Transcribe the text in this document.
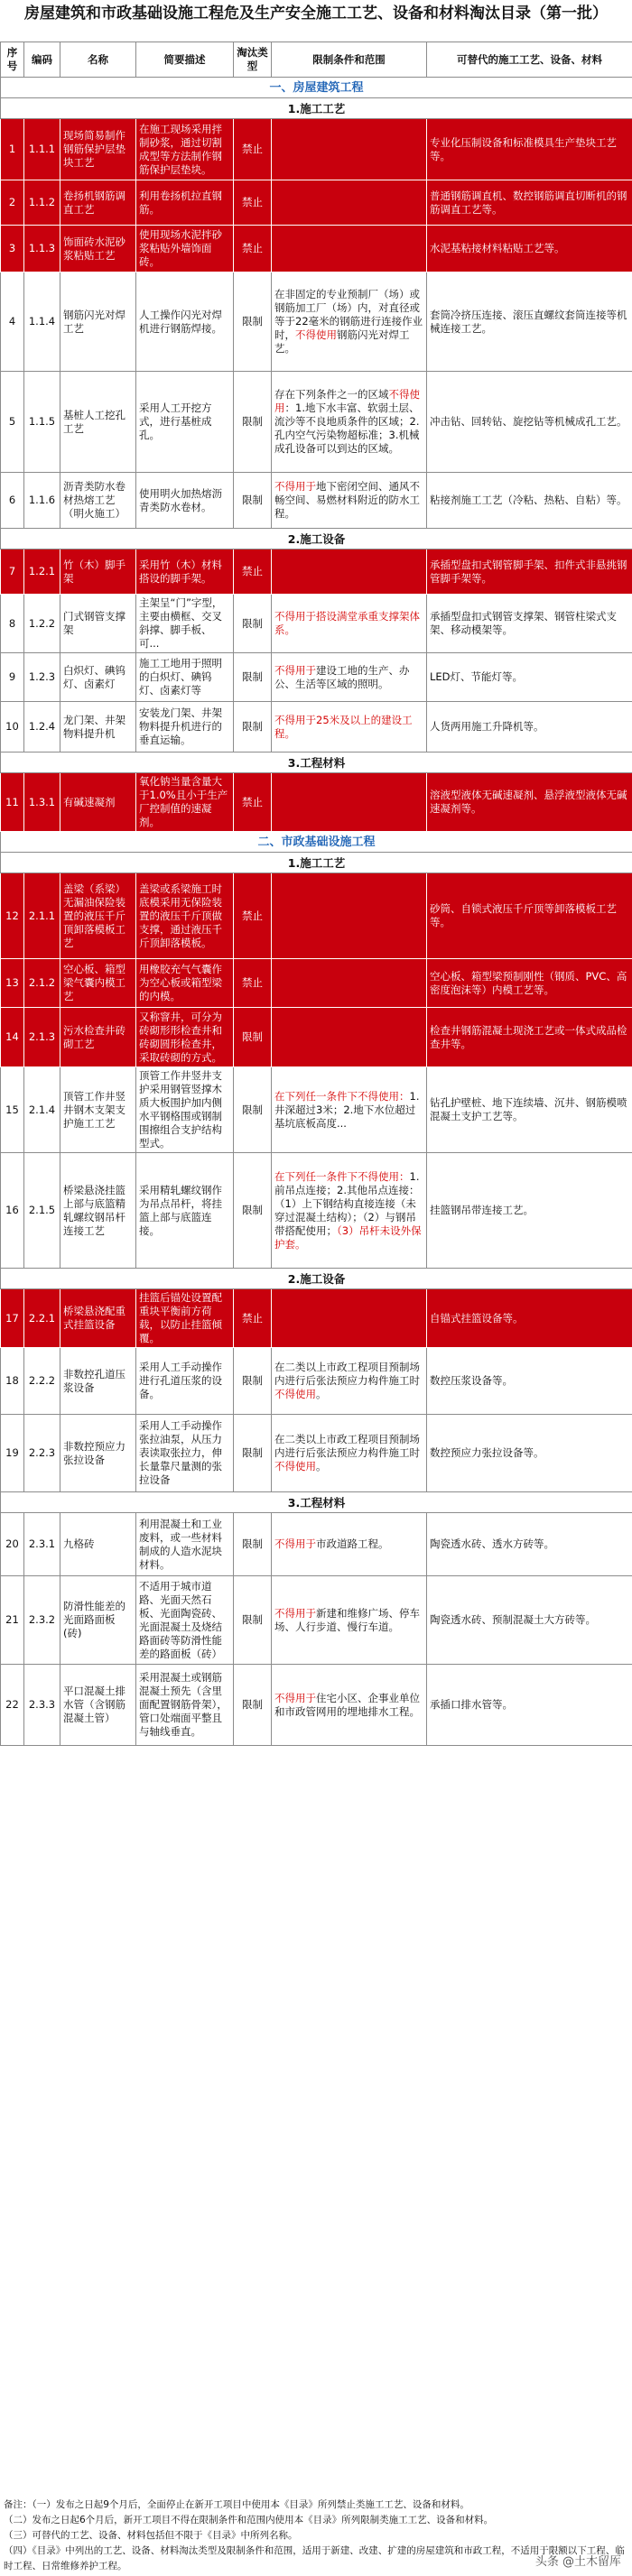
房屋建筑和市政基础设施工程危及生产安全施工工艺、设备和材料淘汰目录（第一批）
序号	编码	名称	简要描述	淘汰类型	限制条件和范围	可替代的施工工艺、设备、材料
一、房屋建筑工程						
1.施工工艺						
1	1.1.1	现场简易制作钢筋保护层垫块工艺	在施工现场采用拌制砂浆，通过切割成型等方法制作钢筋保护层垫块。	禁止		专业化压制设备和标准模具生产垫块工艺等。
2	1.1.2	卷扬机钢筋调直工艺	利用卷扬机拉直钢筋。	禁止		普通钢筋调直机、数控钢筋调直切断机的钢筋调直工艺等。
3	1.1.3	饰面砖水泥砂浆粘贴工艺	使用现场水泥拌砂浆粘贴外墙饰面砖。	禁止		水泥基粘接材料粘贴工艺等。
4	1.1.4	钢筋闪光对焊工艺	人工操作闪光对焊机进行钢筋焊接。	限制	在非固定的专业预制厂（场）或钢筋加工厂（场）内，对直径或等于22毫米的钢筋进行连接作业时，不得使用钢筋闪光对焊工艺。	套筒冷挤压连接、滚压直螺纹套筒连接等机械连接工艺。
5	1.1.5	基桩人工挖孔工艺	采用人工开挖方式，进行基桩成孔。	限制	存在下列条件之一的区域不得使用：1.地下水丰富、软弱土层、流沙等不良地质条件的区域；2.孔内空气污染物超标准；3.机械成孔设备可以到达的区域。	冲击钻、回转钻、旋挖钻等机械成孔工艺。
6	1.1.6	沥青类防水卷材热熔工艺（明火施工）	使用明火加热熔沥青类防水卷材。	限制	不得用于地下密闭空间、通风不畅空间、易燃材料附近的防水工程。	粘接剂施工工艺（冷粘、热粘、自粘）等。
2.施工设备						
7	1.2.1	竹（木）脚手架	采用竹（木）材料搭设的脚手架。	禁止		承插型盘扣式钢管脚手架、扣件式非悬挑钢管脚手架等。
8	1.2.2	门式钢管支撑架	主架呈“门”字型，主要由横框、交叉斜撑、脚手板、可...	限制	不得用于搭设满堂承重支撑架体系。	承插型盘扣式钢管支撑架、钢管柱梁式支架、移动模架等。
9	1.2.3	白炽灯、碘钨灯、卤素灯	施工工地用于照明的白炽灯、碘钨灯、卤素灯等	限制	不得用于建设工地的生产、办公、生活等区域的照明。	LED灯、节能灯等。
10	1.2.4	龙门架、井架物料提升机	安装龙门架、井架物料提升机进行的垂直运输。	限制	不得用于25米及以上的建设工程。	人货两用施工升降机等。
3.工程材料						
11	1.3.1	有碱速凝剂	氧化钠当量含量大于1.0%且小于生产厂控制值的速凝剂。	禁止		溶液型液体无碱速凝剂、悬浮液型液体无碱速凝剂等。
二、市政基础设施工程						
1.施工工艺						
12	2.1.1	盖梁（系梁）无漏油保险装置的液压千斤顶卸落模板工艺	盖梁或系梁施工时底模采用无保险装置的液压千斤顶做支撑，通过液压千斤顶卸落模板。	禁止		砂筒、自锁式液压千斤顶等卸落模板工艺等。
13	2.1.2	空心板、箱型梁气囊内模工艺	用橡胶充气气囊作为空心板或箱型梁的内模。	禁止		空心板、箱型梁预制刚性（钢质、PVC、高密度泡沫等）内模工艺等。
14	2.1.3	污水检查井砖砌工艺	又称窨井，可分为砖砌形形检查井和砖砌圆形检查井，采取砖砌的方式。	限制		检查井钢筋混凝土现浇工艺或一体式成品检查井等。
15	2.1.4	顶管工作井竖井钢木支架支护施工工艺	顶管工作井竖井支护采用钢管竖撑木质大板围护加内侧水平钢格围或钢制围擦组合支护结构型式。	限制	在下列任一条件下不得使用：1.井深超过3米；2.地下水位超过基坑底板高度...	钻孔护壁桩、地下连续墙、沉井、钢筋模喷混凝土支护工艺等。
16	2.1.5	桥梁悬浇挂篮上部与底篮精轧螺纹钢吊杆连接工艺	采用精轧螺纹钢作为吊点吊杆，将挂篮上部与底篮连接。	限制	在下列任一条件下不得使用：1.前吊点连接；2.其他吊点连接：（1）上下钢结构直接连接（未穿过混凝土结构）；（2）与钢吊带搭配使用；（3）吊杆未设外保护套。	挂篮钢吊带连接工艺。
2.施工设备						
17	2.2.1	桥梁悬浇配重式挂篮设备	挂篮后锚处设置配重块平衡前方荷载，以防止挂篮倾覆。	禁止		自锚式挂篮设备等。
18	2.2.2	非数控孔道压浆设备	采用人工手动操作进行孔道压浆的设备。	限制	在二类以上市政工程项目预制场内进行后张法预应力构件施工时不得使用。	数控压浆设备等。
19	2.2.3	非数控预应力张拉设备	采用人工手动操作张拉油泵，从压力表读取张拉力，伸长量靠尺量测的张拉设备	限制	在二类以上市政工程项目预制场内进行后张法预应力构件施工时不得使用。	数控预应力张拉设备等。
3.工程材料						
20	2.3.1	九格砖	利用混凝土和工业废料，或一些材料制成的人造水泥块材料。	限制	不得用于市政道路工程。	陶瓷透水砖、透水方砖等。
21	2.3.2	防滑性能差的光面路面板(砖)	不适用于城市道路、光面天然石板、光面陶瓷砖、光面混凝土及烧结路面砖等防滑性能差的路面板（砖）	限制	不得用于新建和维修广场、停车场、人行步道、慢行车道。	陶瓷透水砖、预制混凝土大方砖等。
22	2.3.3	平口混凝土排水管（含钢筋混凝土管）	采用混凝土或钢筋混凝土预先（含里面配置钢筋骨架），管口处端面平整且与轴线垂直。	限制	不得用于住宅小区、企事业单位和市政管网用的埋地排水工程。	承插口排水管等。
备注：（一）发布之日起9个月后，全面停止在新开工项目中使用本《目录》所列禁止类施工工艺、设备和材料。
（二）发布之日起6个月后，新开工项目不得在限制条件和范围内使用本《目录》所列限制类施工工艺、设备和材料。
（三）可替代的工艺、设备、材料包括但不限于《目录》中所列名称。
（四）《目录》中列出的工艺、设备、材料淘汰类型及限制条件和范围，适用于新建、改建、扩建的房屋建筑和市政工程，不适用于限额以下工程、临时工程、日常维修养护工程。	头条 @土木留厍
